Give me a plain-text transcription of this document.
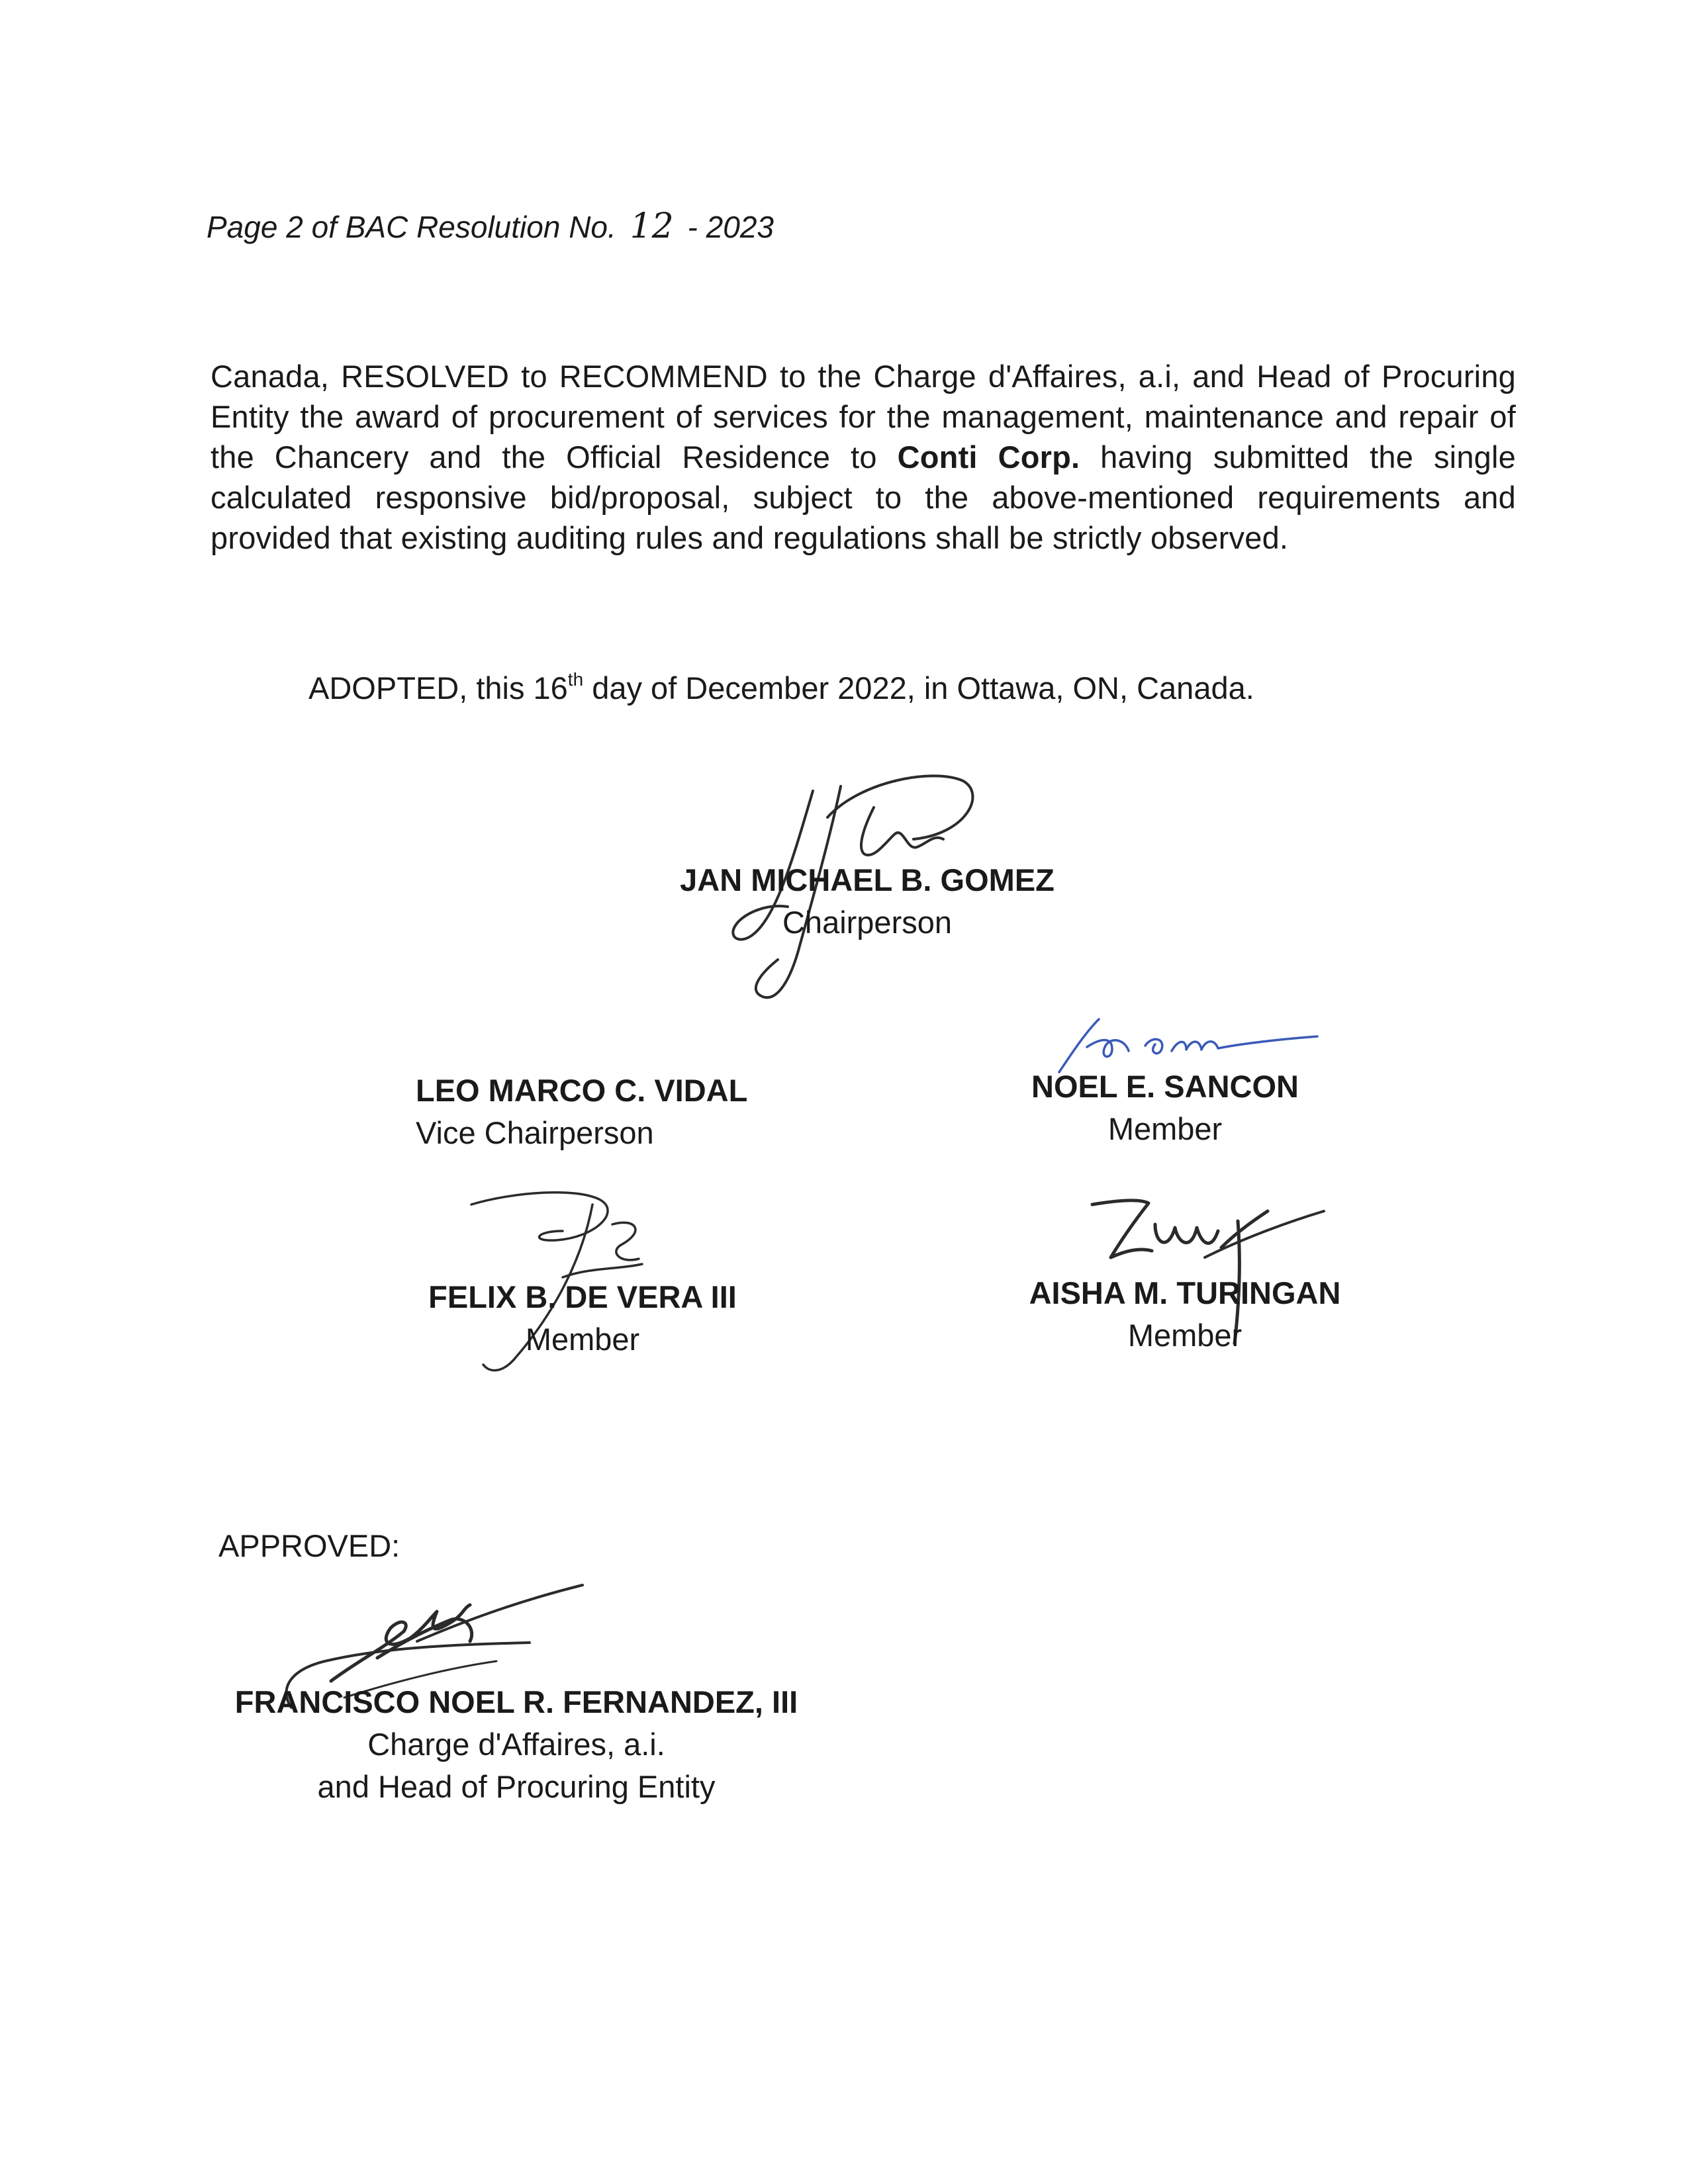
Page 2 of BAC Resolution No. 12 - 2023
Canada, RESOLVED to RECOMMEND to the Charge d'Affaires, a.i, and Head of Procuring Entity the award of procurement of services for the management, maintenance and repair of the Chancery and the Official Residence to Conti Corp. having submitted the single calculated responsive bid/proposal, subject to the above-mentioned requirements and provided that existing auditing rules and regulations shall be strictly observed.
ADOPTED, this 16th day of December 2022, in Ottawa, ON, Canada.
JAN MICHAEL B. GOMEZ
Chairperson
LEO MARCO C. VIDAL
Vice Chairperson
NOEL E. SANCON
Member
FELIX B. DE VERA III
Member
AISHA M. TURINGAN
Member
APPROVED:
FRANCISCO NOEL R. FERNANDEZ, III
Charge d'Affaires, a.i.
and Head of Procuring Entity
